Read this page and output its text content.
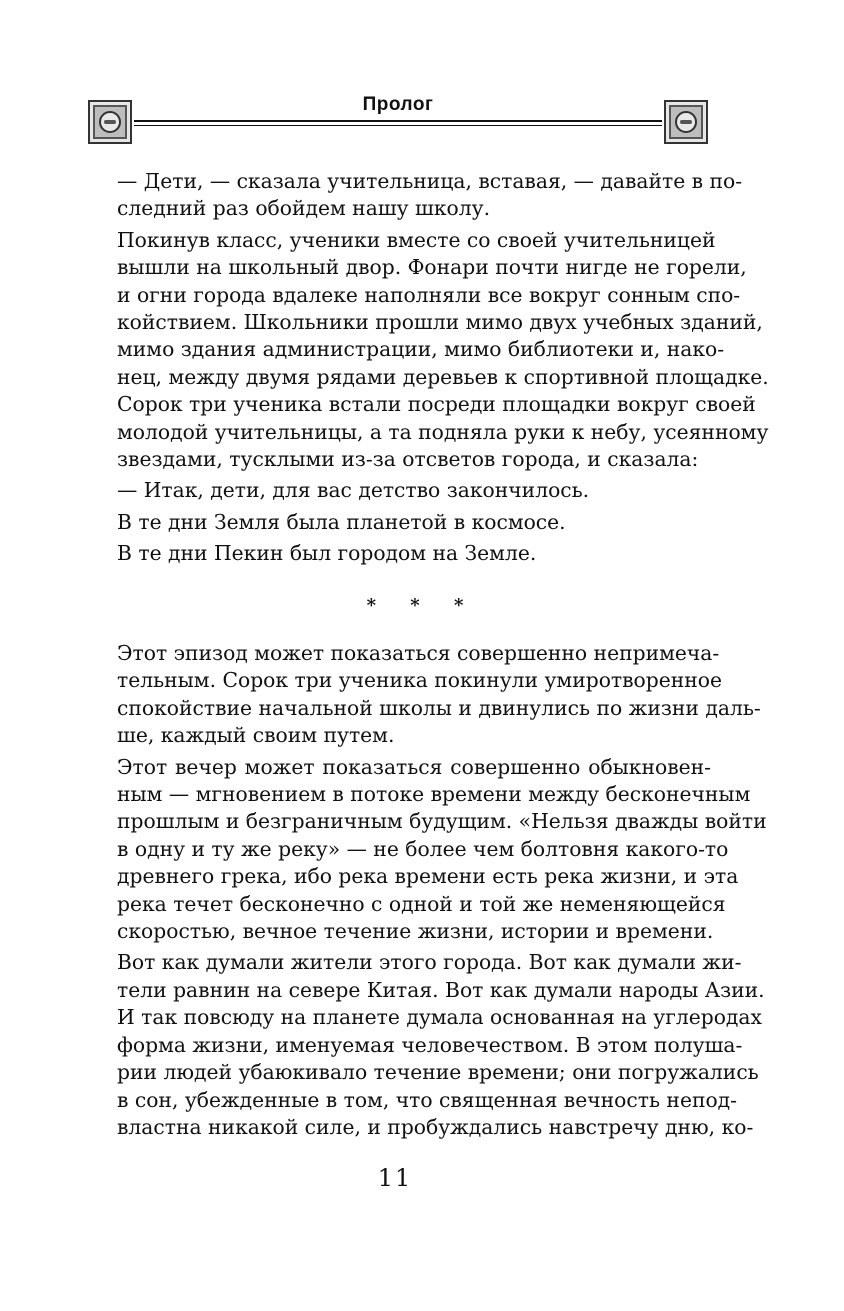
Пролог
— Дети, — сказала учительница, вставая, — давайте в по-
следний раз обойдем нашу школу.
Покинув класс, ученики вместе со своей учительницей
вышли на школьный двор. Фонари почти нигде не горели,
и огни города вдалеке наполняли все вокруг сонным спо-
койствием. Школьники прошли мимо двух учебных зданий,
мимо здания администрации, мимо библиотеки и, нако-
нец, между двумя рядами деревьев к спортивной площадке.
Сорок три ученика встали посреди площадки вокруг своей
молодой учительницы, а та подняла руки к небу, усеянному
звездами, тусклыми из-за отсветов города, и сказала:
— Итак, дети, для вас детство закончилось.
В те дни Земля была планетой в космосе.
В те дни Пекин был городом на Земле.
* * *
Этот эпизод может показаться совершенно непримеча-
тельным. Сорок три ученика покинули умиротворенное
спокойствие начальной школы и двинулись по жизни даль-
ше, каждый своим путем.
Этот вечер может показаться совершенно обыкновен-
ным — мгновением в потоке времени между бесконечным
прошлым и безграничным будущим. «Нельзя дважды войти
в одну и ту же реку» — не более чем болтовня какого-то
древнего грека, ибо река времени есть река жизни, и эта
река течет бесконечно с одной и той же неменяющейся
скоростью, вечное течение жизни, истории и времени.
Вот как думали жители этого города. Вот как думали жи-
тели равнин на севере Китая. Вот как думали народы Азии.
И так повсюду на планете думала основанная на углеродах
форма жизни, именуемая человечеством. В этом полуша-
рии людей убаюкивало течение времени; они погружались
в сон, убежденные в том, что священная вечность непод-
властна никакой силе, и пробуждались навстречу дню, ко-
11
